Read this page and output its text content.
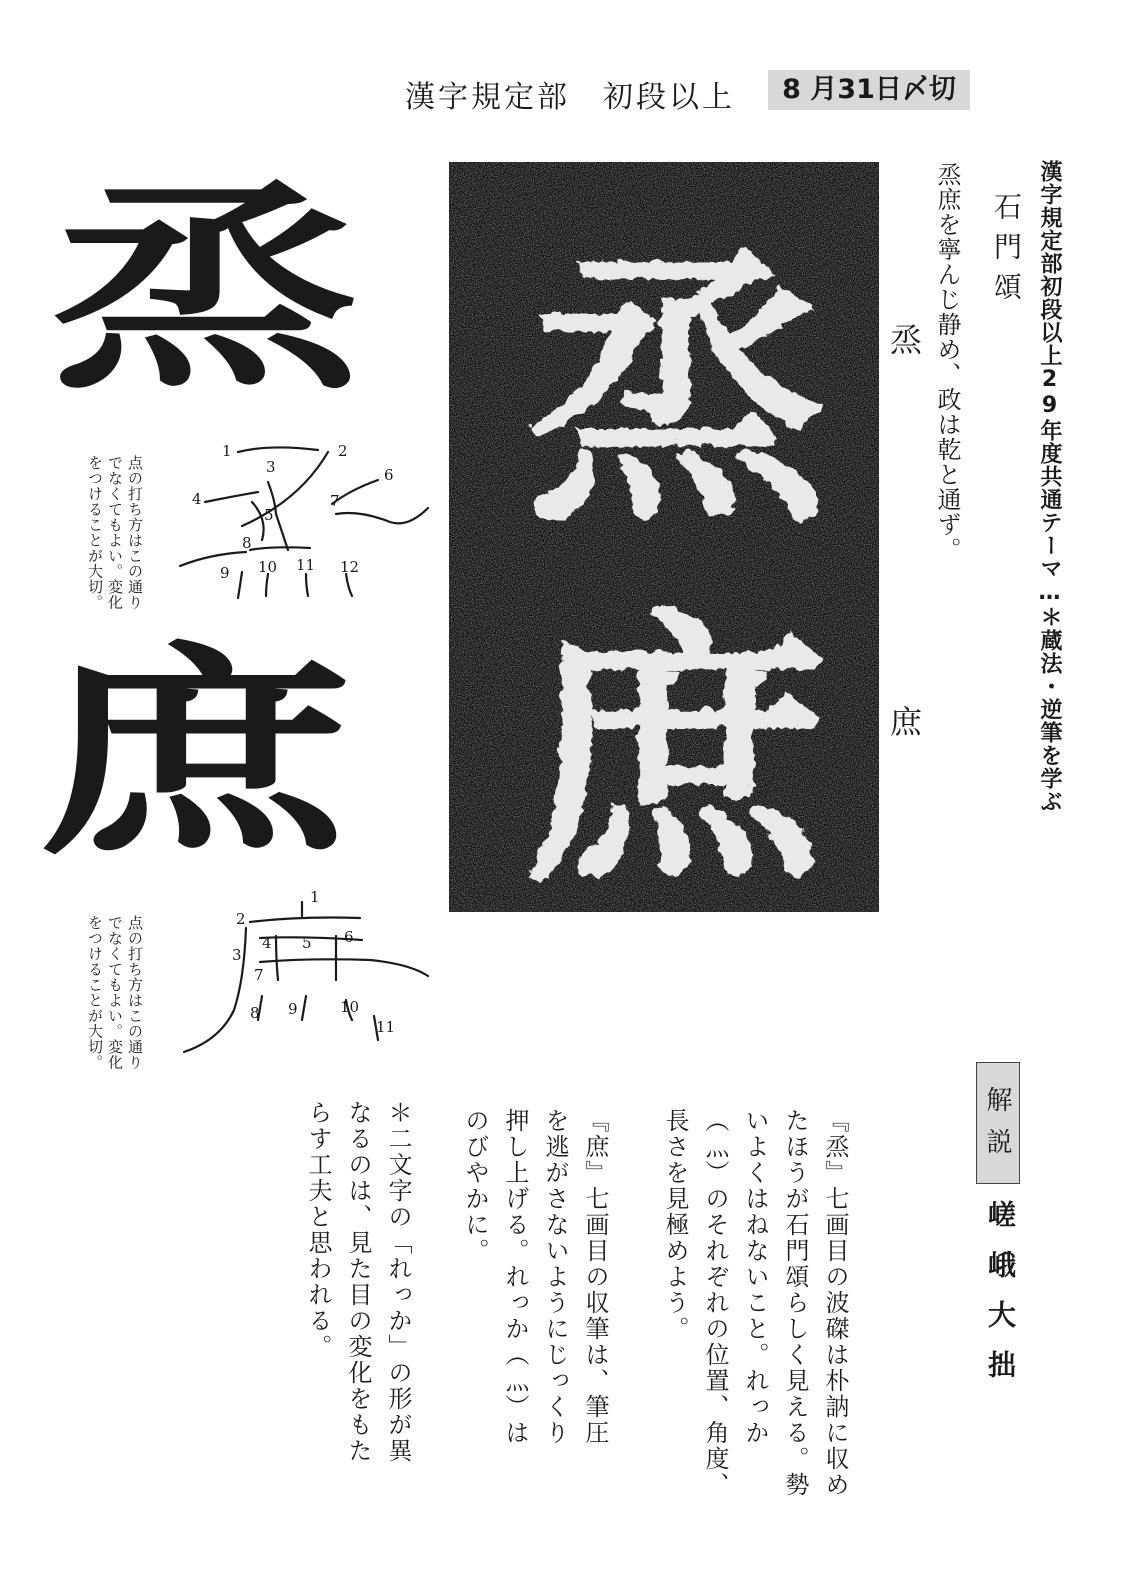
漢字規定部　初段以上	8 月31日〆切
漢字規定部初段以上29年度共通テーマ…＊蔵法・逆筆を学ぶ
石門頌
烝庶を寧んじ静め、政は乾と通ず。
烝
庶
烝
庶
烝
庶
1	2
3
4
5
6
7
8
9 10 11 12
点の打ち方はこの通りでなくてもよい。変化をつけることが大切。
1
2
3
4 5 6
7
8 9	10
11
点の打ち方はこの通りでなくてもよい。変化をつけることが大切。
解説
嵯峨大拙
『烝』七画目の波磔は朴訥に収めたほうが石門頌らしく見える。勢いよくはねないこと。れっか（灬）のそれぞれの位置、角度、長さを見極めよう。
『庶』七画目の収筆は、筆圧を逃がさないようにじっくり押し上げる。れっか（灬）はのびやかに。
＊二文字の「れっか」の形が異なるのは、見た目の変化をもたらす工夫と思われる。
